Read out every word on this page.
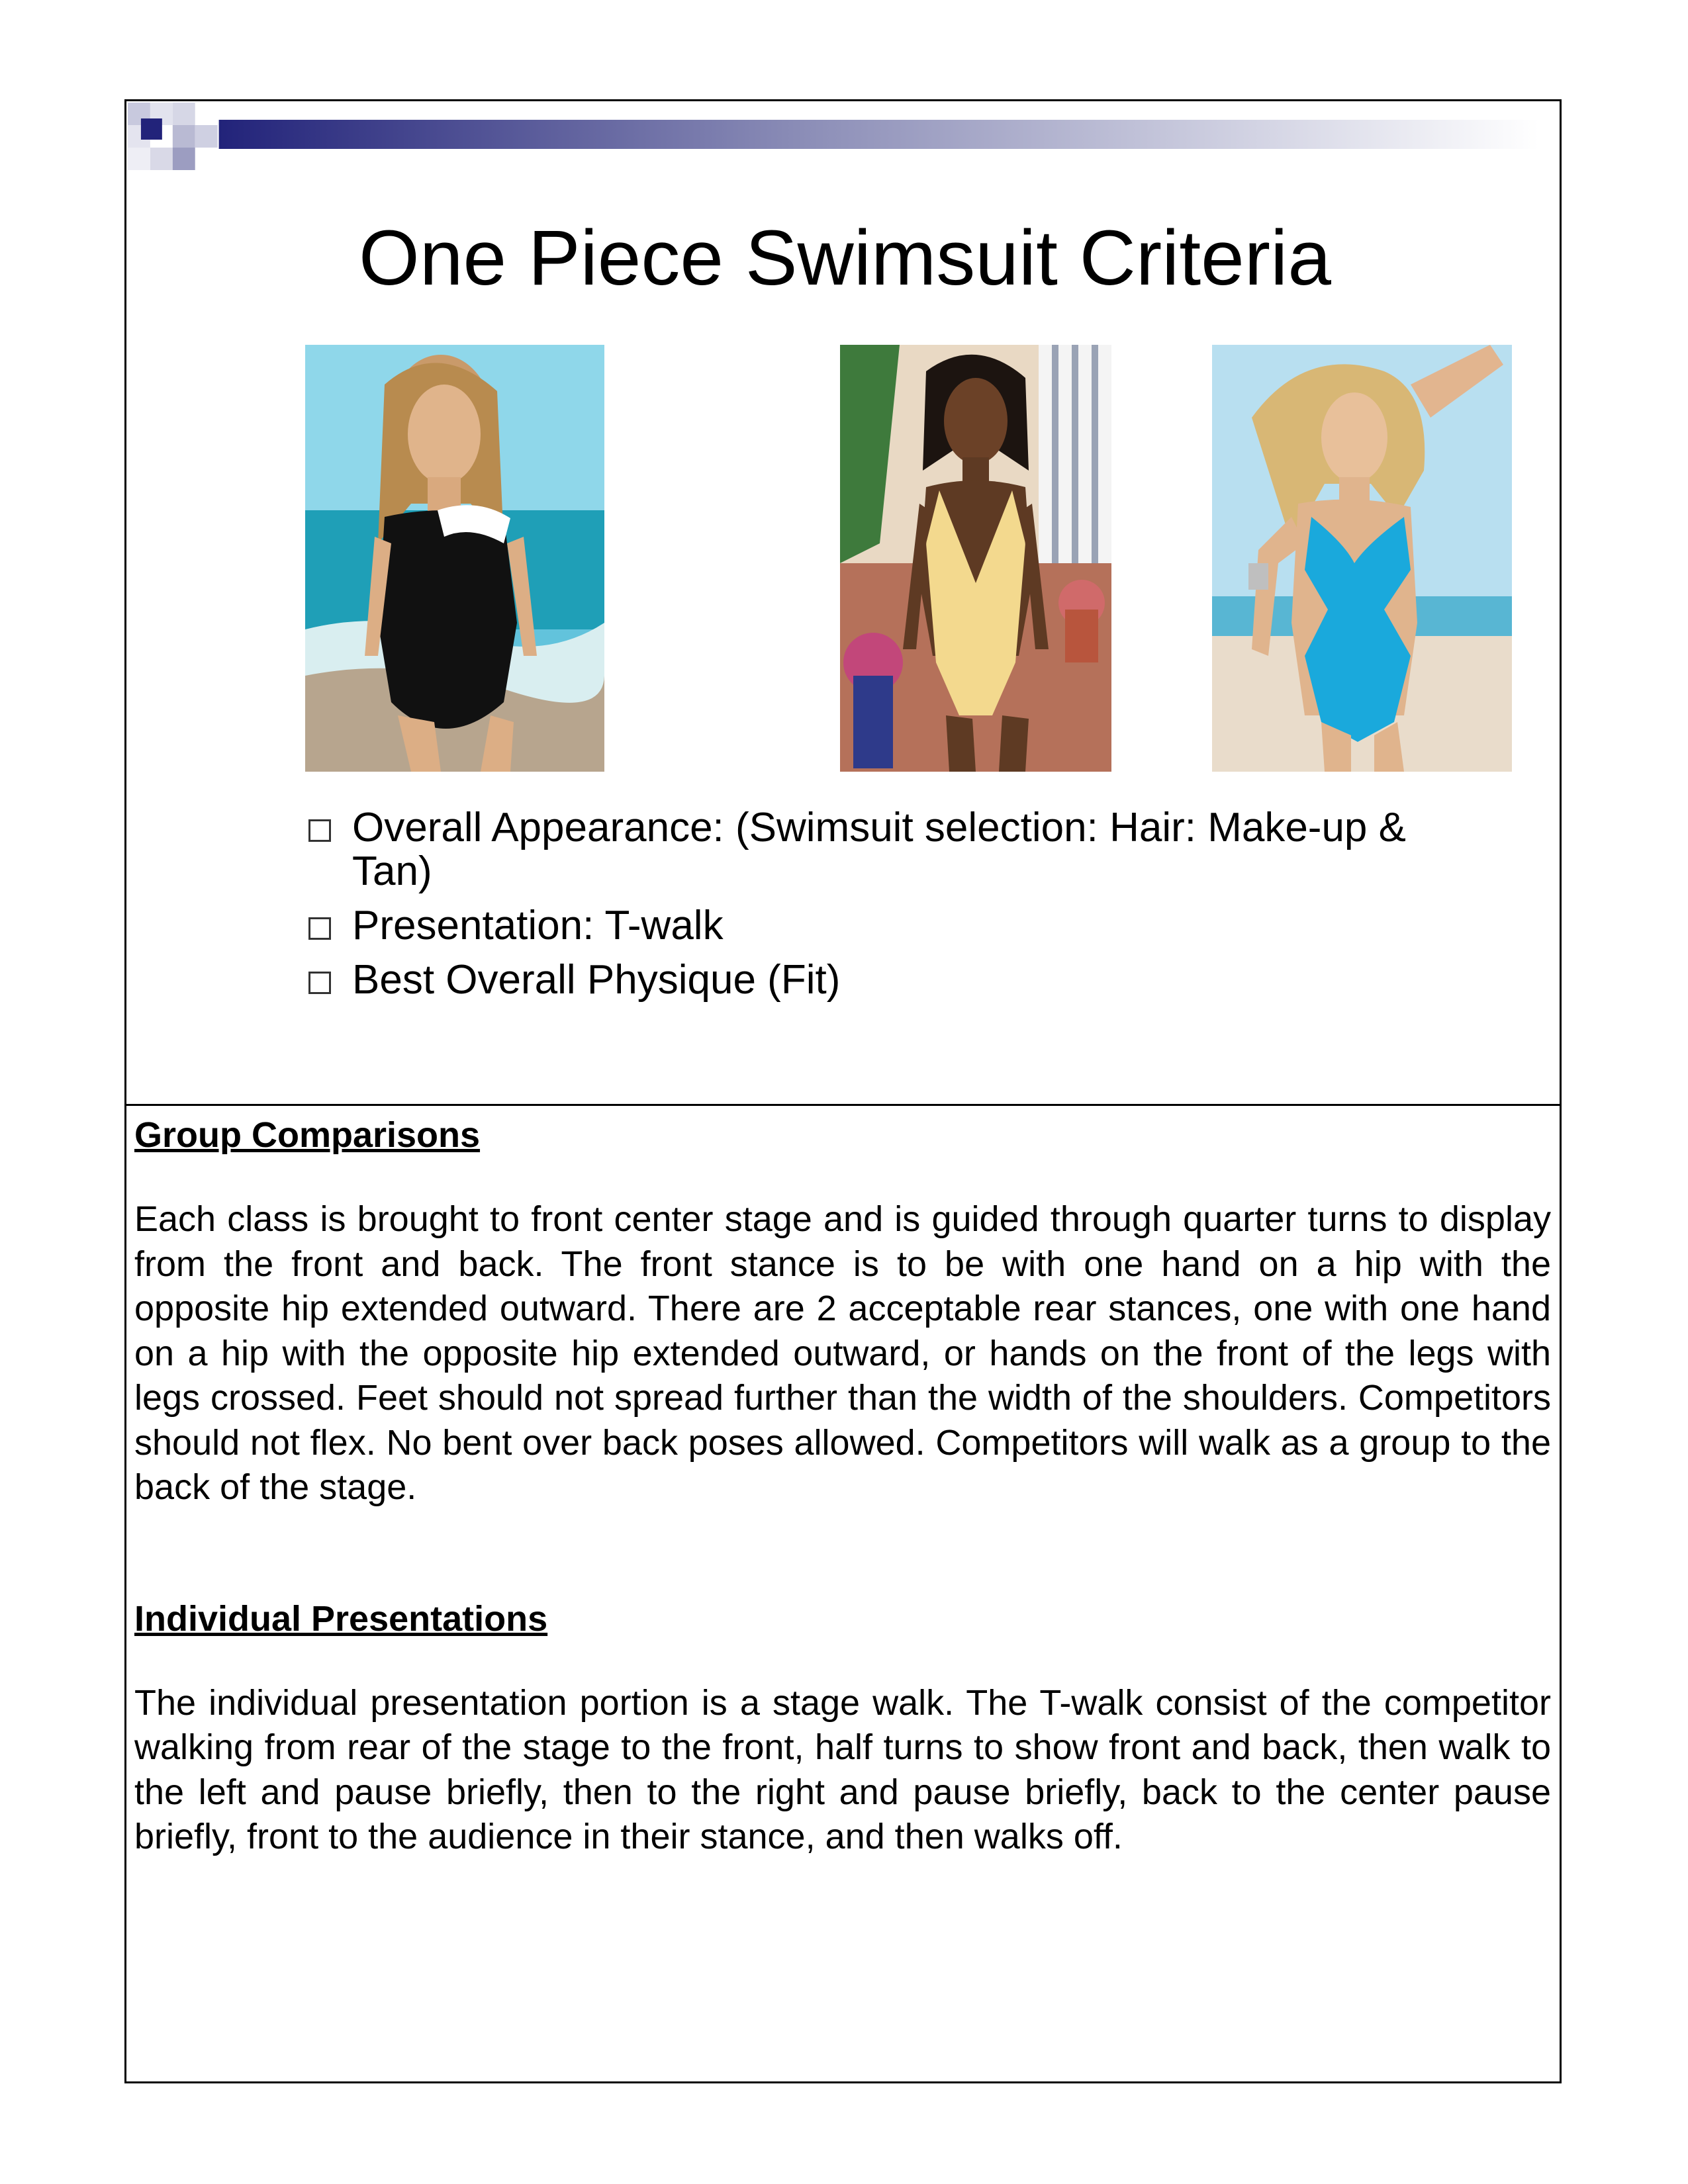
One Piece Swimsuit Criteria
Overall Appearance: (Swimsuit selection: Hair: Make-up & Tan)
Presentation: T-walk
Best Overall Physique (Fit)

Group Comparisons

Each class is brought to front center stage and is guided through quarter turns to display from the front and back. The front stance is to be with one hand on a hip with the opposite hip extended outward. There are 2 acceptable rear stances, one with one hand on a hip with the opposite hip extended outward, or hands on the front of the legs with legs crossed. Feet should not spread further than the width of the shoulders. Competitors should not flex. No bent over back poses allowed. Competitors will walk as a group to the back of the stage.

Individual Presentations

The individual presentation portion is a stage walk. The T-walk consist of the competitor walking from rear of the stage to the front, half turns to show front and back, then walk to the left and pause briefly, then to the right and pause briefly, back to the center pause briefly, front to the audience in their stance, and then walks off.
